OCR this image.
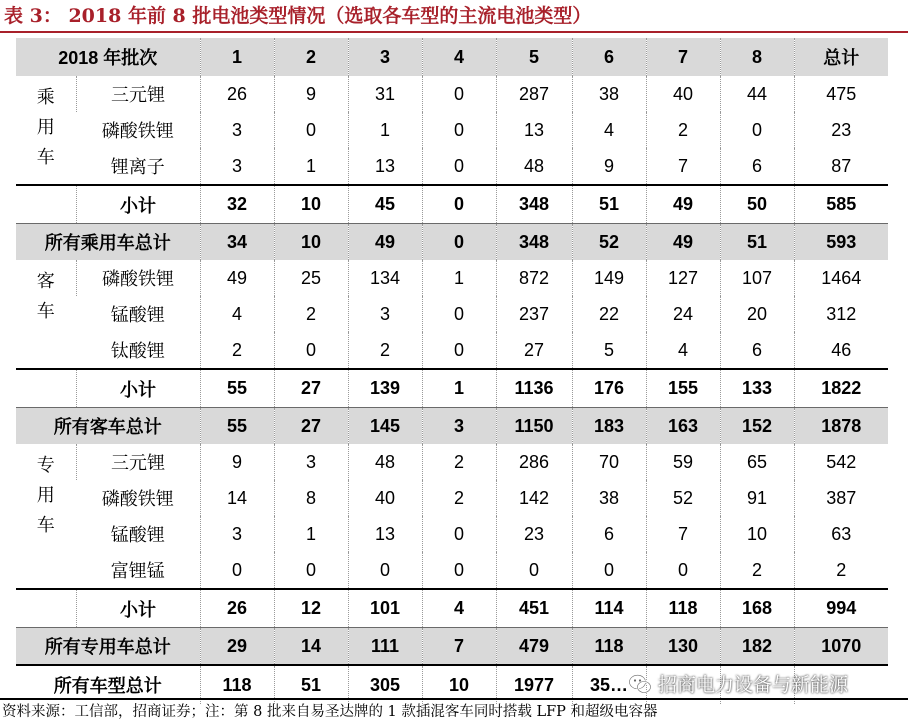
表 3： 2018 年前 8 批电池类型情况（选取各车型的主流电池类型）
2018 年批次		1	2	3	4	5	6	7	8	总计

乘
用
车	三元锂	26	9	31	0	287	38	40	44	475
	磷酸铁锂	3	0	1	0	13	4	2	0	23
	锂离子	3	1	13	0	48	9	7	6	87
	小计	32	10	45	0	348	51	49	50	585
所有乘用车总计		34	10	49	0	348	52	49	51	593

客
车	磷酸铁锂	49	25	134	1	872	149	127	107	1464
	锰酸锂	4	2	3	0	237	22	24	20	312
	钛酸锂	2	0	2	0	27	5	4	6	46
	小计	55	27	139	1	1136	176	155	133	1822
所有客车总计		55	27	145	3	1150	183	163	152	1878

专
用
车	三元锂	9	3	48	2	286	70	59	65	542
	磷酸铁锂	14	8	40	2	142	38	52	91	387
	锰酸锂	3	1	13	0	23	6	7	10	63
	富锂锰	0	0	0	0	0	0	0	2	2
	小计	26	12	101	4	451	114	118	168	994
所有专用车总计		29	14	111	7	479	118	130	182	1070
所有车型总计		118	51	305	10	1977	35…				招商电力设备与新能源
资料来源：工信部，招商证券；注：第 8 批来自易圣达牌的 1 款插混客车同时搭载 LFP 和超级电容器
